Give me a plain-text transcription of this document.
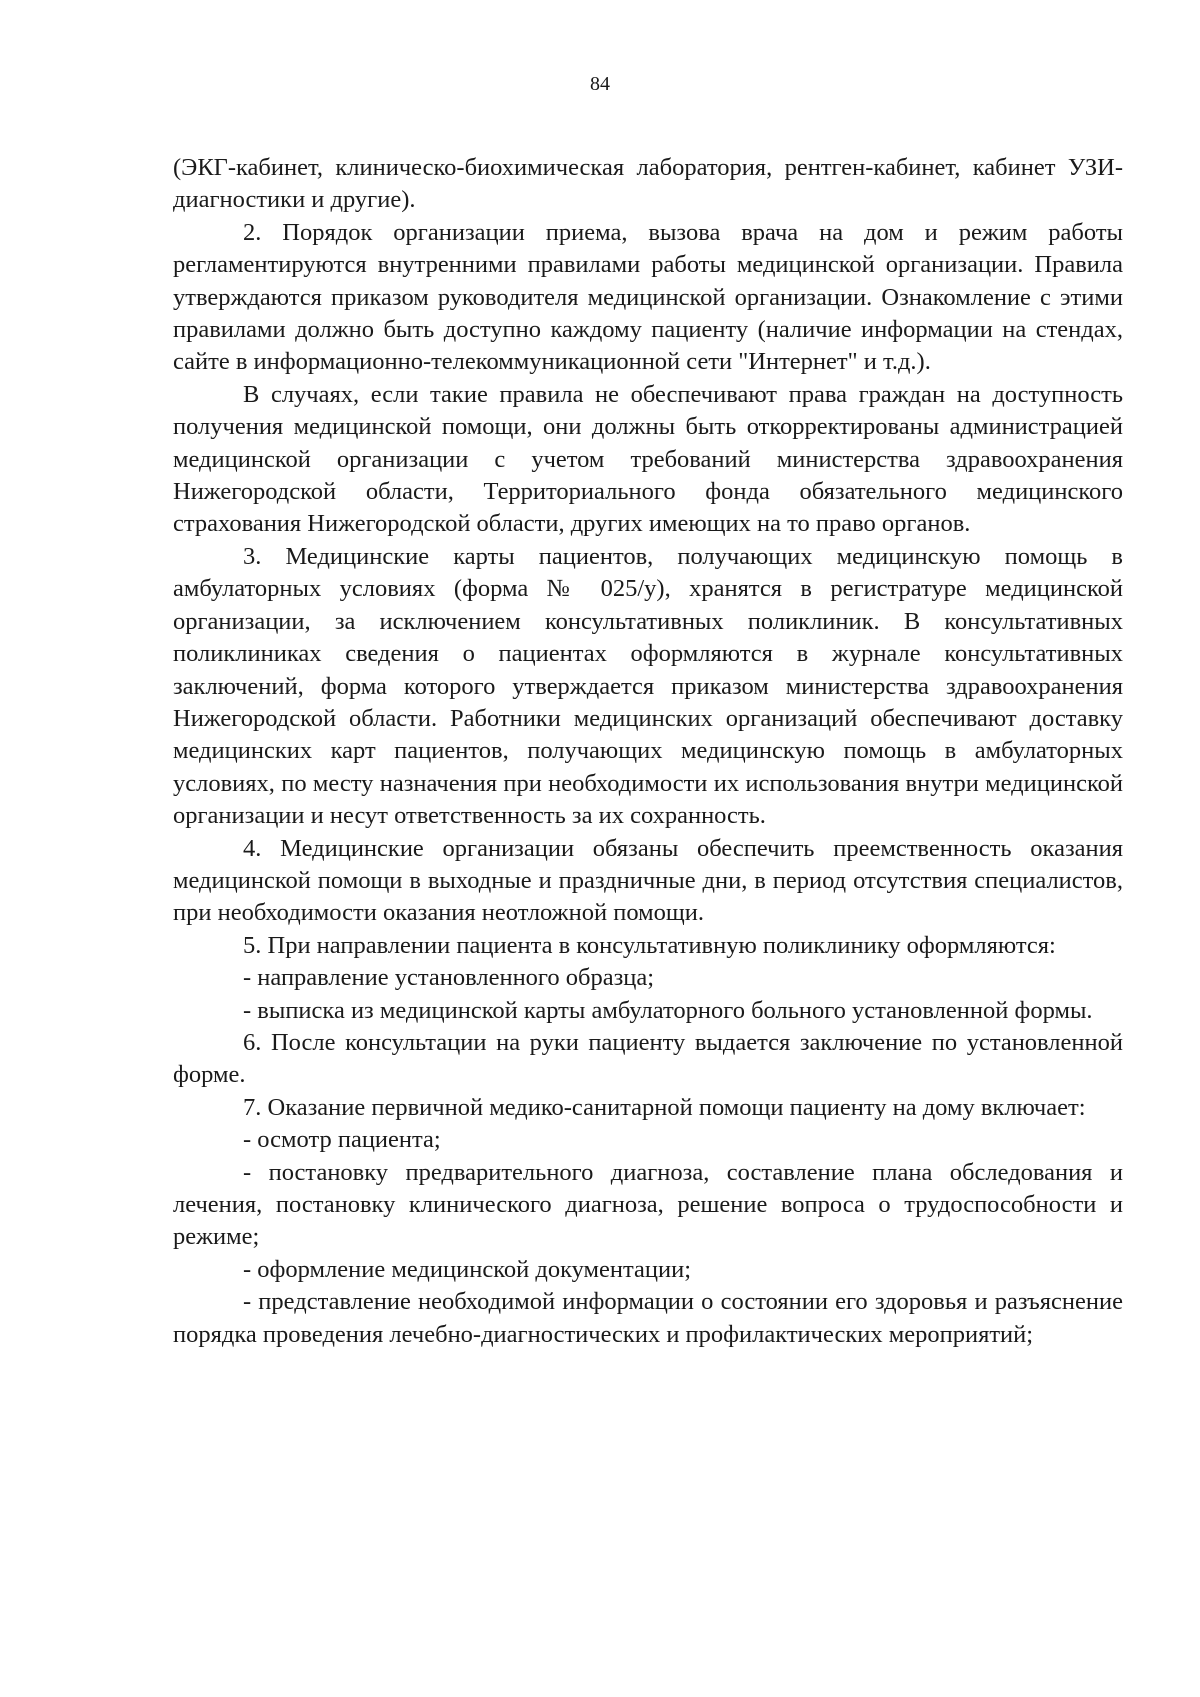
84

(ЭКГ-кабинет, клиническо-биохимическая лаборатория, рентген-кабинет, кабинет УЗИ-диагностики и другие).

2. Порядок организации приема, вызова врача на дом и режим работы регламентируются внутренними правилами работы медицинской организации. Правила утверждаются приказом руководителя медицинской организации. Ознакомление с этими правилами должно быть доступно каждому пациенту (наличие информации на стендах, сайте в информационно-телекоммуникационной сети "Интернет" и т.д.).

В случаях, если такие правила не обеспечивают права граждан на доступность получения медицинской помощи, они должны быть откорректированы администрацией медицинской организации с учетом требований министерства здравоохранения Нижегородской области, Территориального фонда обязательного медицинского страхования Нижегородской области, других имеющих на то право органов.

3. Медицинские карты пациентов, получающих медицинскую помощь в амбулаторных условиях (форма № 025/у), хранятся в регистратуре медицинской организации, за исключением консультативных поликлиник. В консультативных поликлиниках сведения о пациентах оформляются в журнале консультативных заключений, форма которого утверждается приказом министерства здравоохранения Нижегородской области. Работники медицинских организаций обеспечивают доставку медицинских карт пациентов, получающих медицинскую помощь в амбулаторных условиях, по месту назначения при необходимости их использования внутри медицинской организации и несут ответственность за их сохранность.

4. Медицинские организации обязаны обеспечить преемственность оказания медицинской помощи в выходные и праздничные дни, в период отсутствия специалистов, при необходимости оказания неотложной помощи.

5. При направлении пациента в консультативную поликлинику оформляются:

- направление установленного образца;

- выписка из медицинской карты амбулаторного больного установленной формы.

6. После консультации на руки пациенту выдается заключение по установленной форме.

7. Оказание первичной медико-санитарной помощи пациенту на дому включает:

- осмотр пациента;

- постановку предварительного диагноза, составление плана обследования и лечения, постановку клинического диагноза, решение вопроса о трудоспособности и режиме;

- оформление медицинской документации;

- представление необходимой информации о состоянии его здоровья и разъяснение порядка проведения лечебно-диагностических и профилактических мероприятий;
